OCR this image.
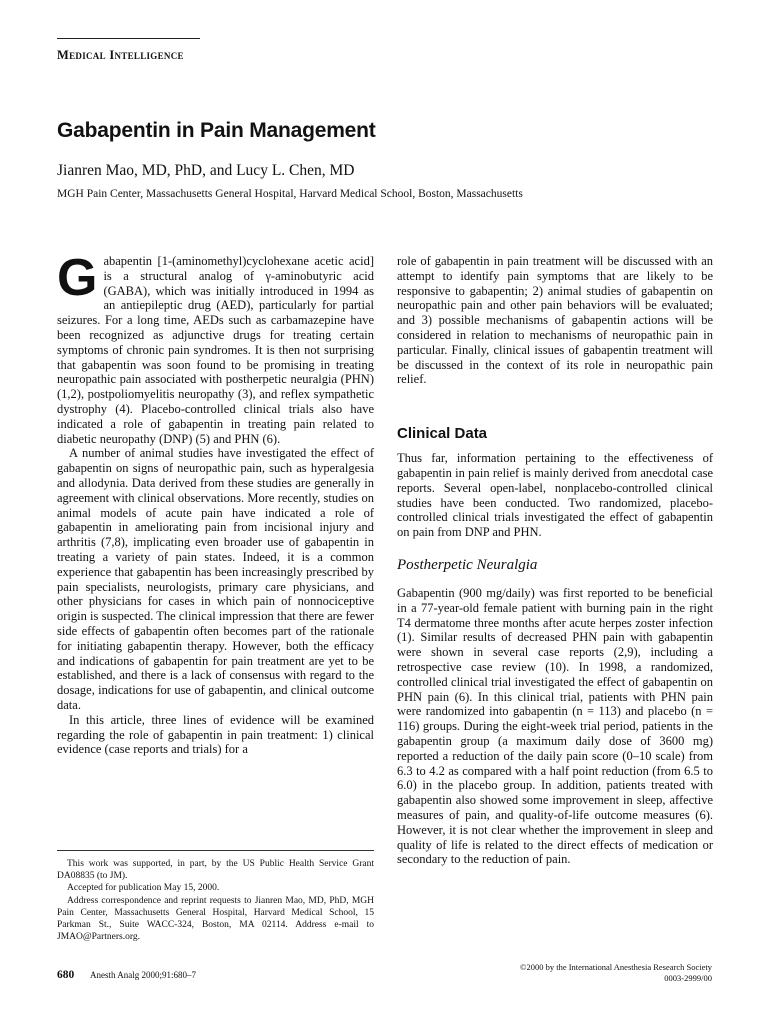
Medical Intelligence
Gabapentin in Pain Management
Jianren Mao, MD, PhD, and Lucy L. Chen, MD
MGH Pain Center, Massachusetts General Hospital, Harvard Medical School, Boston, Massachusetts

Gabapentin [1-(aminomethyl)cyclohexane acetic acid] is a structural analog of γ-aminobutyric acid (GABA), which was initially introduced in 1994 as an antiepileptic drug (AED), particularly for partial seizures. For a long time, AEDs such as carbamazepine have been recognized as adjunctive drugs for treating certain symptoms of chronic pain syndromes. It is then not surprising that gabapentin was soon found to be promising in treating neuropathic pain associated with postherpetic neuralgia (PHN) (1,2), postpoliomyelitis neuropathy (3), and reflex sympathetic dystrophy (4). Placebo-controlled clinical trials also have indicated a role of gabapentin in treating pain related to diabetic neuropathy (DNP) (5) and PHN (6).

A number of animal studies have investigated the effect of gabapentin on signs of neuropathic pain, such as hyperalgesia and allodynia. Data derived from these studies are generally in agreement with clinical observations. More recently, studies on animal models of acute pain have indicated a role of gabapentin in ameliorating pain from incisional injury and arthritis (7,8), implicating even broader use of gabapentin in treating a variety of pain states. Indeed, it is a common experience that gabapentin has been increasingly prescribed by pain specialists, neurologists, primary care physicians, and other physicians for cases in which pain of nonnociceptive origin is suspected. The clinical impression that there are fewer side effects of gabapentin often becomes part of the rationale for initiating gabapentin therapy. However, both the efficacy and indications of gabapentin for pain treatment are yet to be established, and there is a lack of consensus with regard to the dosage, indications for use of gabapentin, and clinical outcome data.

In this article, three lines of evidence will be examined regarding the role of gabapentin in pain treatment: 1) clinical evidence (case reports and trials) for a

role of gabapentin in pain treatment will be discussed with an attempt to identify pain symptoms that are likely to be responsive to gabapentin; 2) animal studies of gabapentin on neuropathic pain and other pain behaviors will be evaluated; and 3) possible mechanisms of gabapentin actions will be considered in relation to mechanisms of neuropathic pain in particular. Finally, clinical issues of gabapentin treatment will be discussed in the context of its role in neuropathic pain relief.

Clinical Data

Thus far, information pertaining to the effectiveness of gabapentin in pain relief is mainly derived from anecdotal case reports. Several open-label, nonplacebo-controlled clinical studies have been conducted. Two randomized, placebo-controlled clinical trials investigated the effect of gabapentin on pain from DNP and PHN.

Postherpetic Neuralgia

Gabapentin (900 mg/daily) was first reported to be beneficial in a 77-year-old female patient with burning pain in the right T4 dermatome three months after acute herpes zoster infection (1). Similar results of decreased PHN pain with gabapentin were shown in several case reports (2,9), including a retrospective case review (10). In 1998, a randomized, controlled clinical trial investigated the effect of gabapentin on PHN pain (6). In this clinical trial, patients with PHN pain were randomized into gabapentin (n = 113) and placebo (n = 116) groups. During the eight-week trial period, patients in the gabapentin group (a maximum daily dose of 3600 mg) reported a reduction of the daily pain score (0–10 scale) from 6.3 to 4.2 as compared with a half point reduction (from 6.5 to 6.0) in the placebo group. In addition, patients treated with gabapentin also showed some improvement in sleep, affective measures of pain, and quality-of-life outcome measures (6). However, it is not clear whether the improvement in sleep and quality of life is related to the direct effects of medication or secondary to the reduction of pain.

This work was supported, in part, by the US Public Health Service Grant DA08835 (to JM).

Accepted for publication May 15, 2000.

Address correspondence and reprint requests to Jianren Mao, MD, PhD, MGH Pain Center, Massachusetts General Hospital, Harvard Medical School, 15 Parkman St., Suite WACC-324, Boston, MA 02114. Address e-mail to JMAO@Partners.org.

680 Anesth Analg 2000;91:680–7
©2000 by the International Anesthesia Research Society
0003-2999/00
